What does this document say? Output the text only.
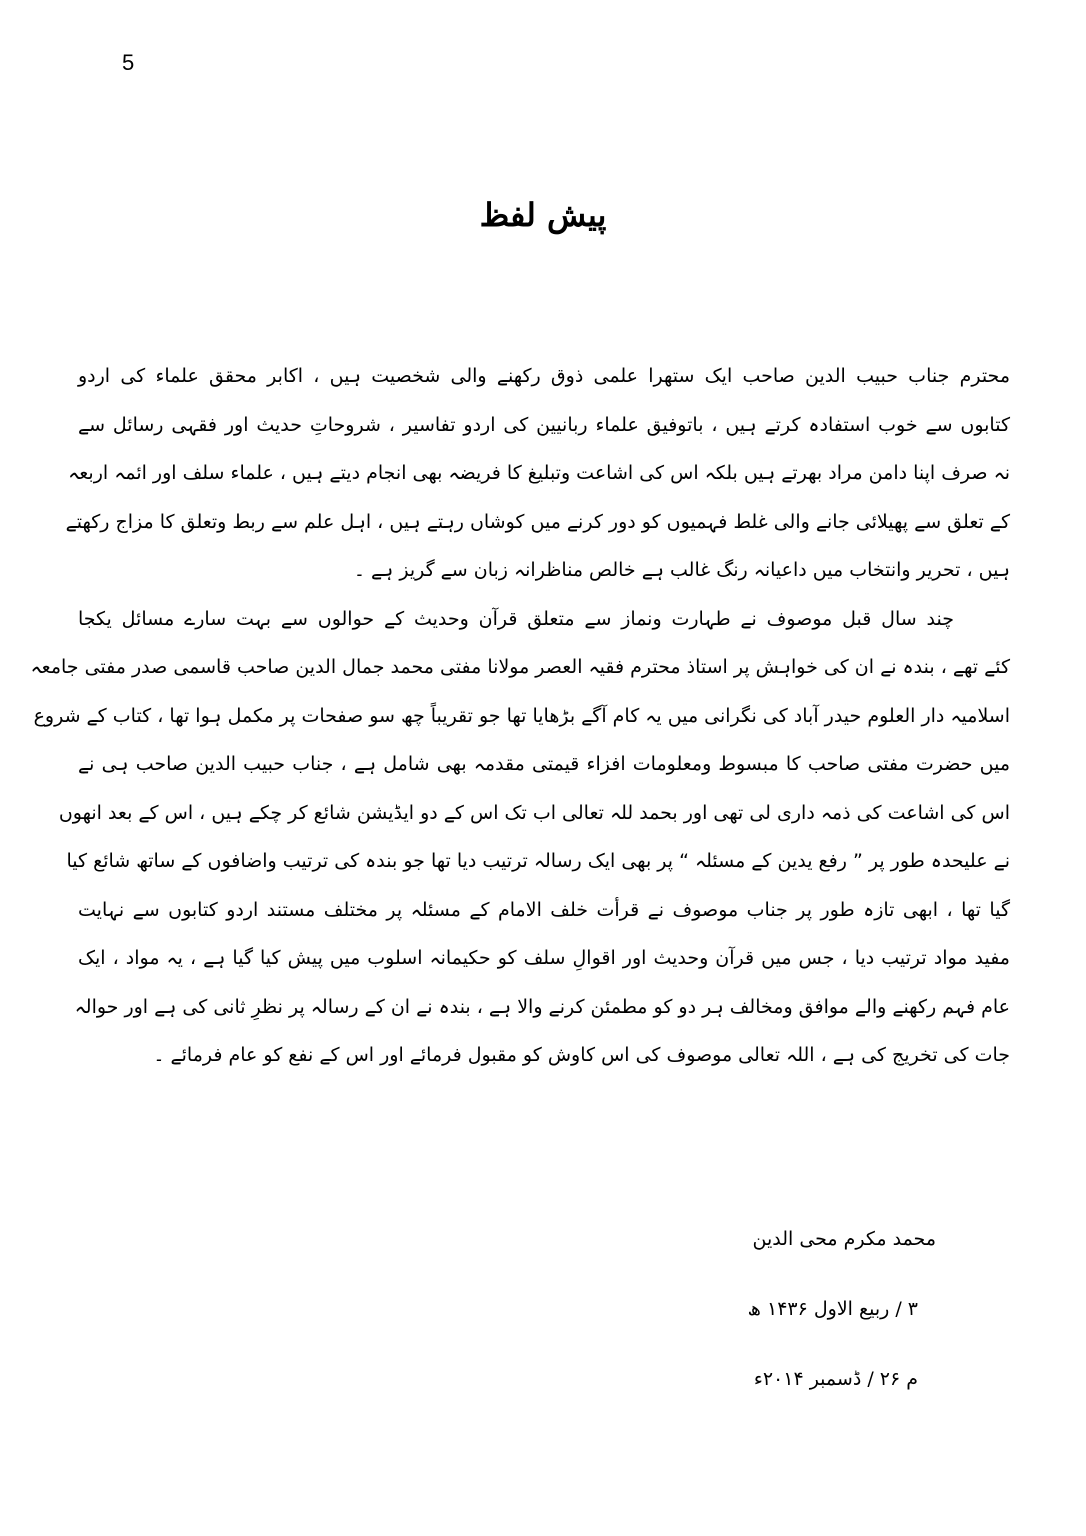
5
پیش لفظ
محترم جناب حبیب الدین صاحب ایک ستھرا علمی ذوق رکھنے والی شخصیت ہیں ، اکابر محقق علماء کی اردو
کتابوں سے خوب استفادہ کرتے ہیں ، باتوفیق علماء ربانیین کی اردو تفاسیر ، شروحاتِ حدیث اور فقہی رسائل سے
نہ صرف اپنا دامن مراد بھرتے ہیں بلکہ اس کی اشاعت وتبلیغ کا فریضہ بھی انجام دیتے ہیں ، علماء سلف اور ائمہ اربعہ
کے تعلق سے پھیلائی جانے والی غلط فہمیوں کو دور کرنے میں کوشاں رہتے ہیں ، اہل علم سے ربط وتعلق کا مزاج رکھتے
ہیں ، تحریر وانتخاب میں داعیانہ رنگ غالب ہے خالص مناظرانہ زبان سے گریز ہے ۔
چند سال قبل موصوف نے طہارت ونماز سے متعلق قرآن وحدیث کے حوالوں سے بہت سارے مسائل یکجا
کئے تھے ، بندہ نے ان کی خواہش پر استاذ محترم فقیہ العصر مولانا مفتی محمد جمال الدین صاحب قاسمی صدر مفتی جامعہ
اسلامیہ دار العلوم حیدر آباد کی نگرانی میں یہ کام آگے بڑھایا تھا جو تقریباً چھ سو صفحات پر مکمل ہوا تھا ، کتاب کے شروع
میں حضرت مفتی صاحب کا مبسوط ومعلومات افزاء قیمتی مقدمہ بھی شامل ہے ، جناب حبیب الدین صاحب ہی نے
اس کی اشاعت کی ذمہ داری لی تھی اور بحمد للہ تعالی اب تک اس کے دو ایڈیشن شائع کر چکے ہیں ، اس کے بعد انھوں
نے علیحدہ طور پر ” رفع یدین کے مسئلہ “ پر بھی ایک رسالہ ترتیب دیا تھا جو بندہ کی ترتیب واضافوں کے ساتھ شائع کیا
گیا تھا ، ابھی تازہ طور پر جناب موصوف نے قرأت خلف الامام کے مسئلہ پر مختلف مستند اردو کتابوں سے نہایت
مفید مواد ترتیب دیا ، جس میں قرآن وحدیث اور اقوالِ سلف کو حکیمانہ اسلوب میں پیش کیا گیا ہے ، یہ مواد ، ایک
عام فہم رکھنے والے موافق ومخالف ہر دو کو مطمئن کرنے والا ہے ، بندہ نے ان کے رسالہ پر نظرِ ثانی کی ہے اور حوالہ
جات کی تخریج کی ہے ، اللہ تعالی موصوف کی اس کاوش کو مقبول فرمائے اور اس کے نفع کو عام فرمائے ۔
محمد مکرم محی الدین
۳ / ربیع الاول ۱۴۳۶ ھ
م ۲۶ / ڈسمبر ۲۰۱۴ء
